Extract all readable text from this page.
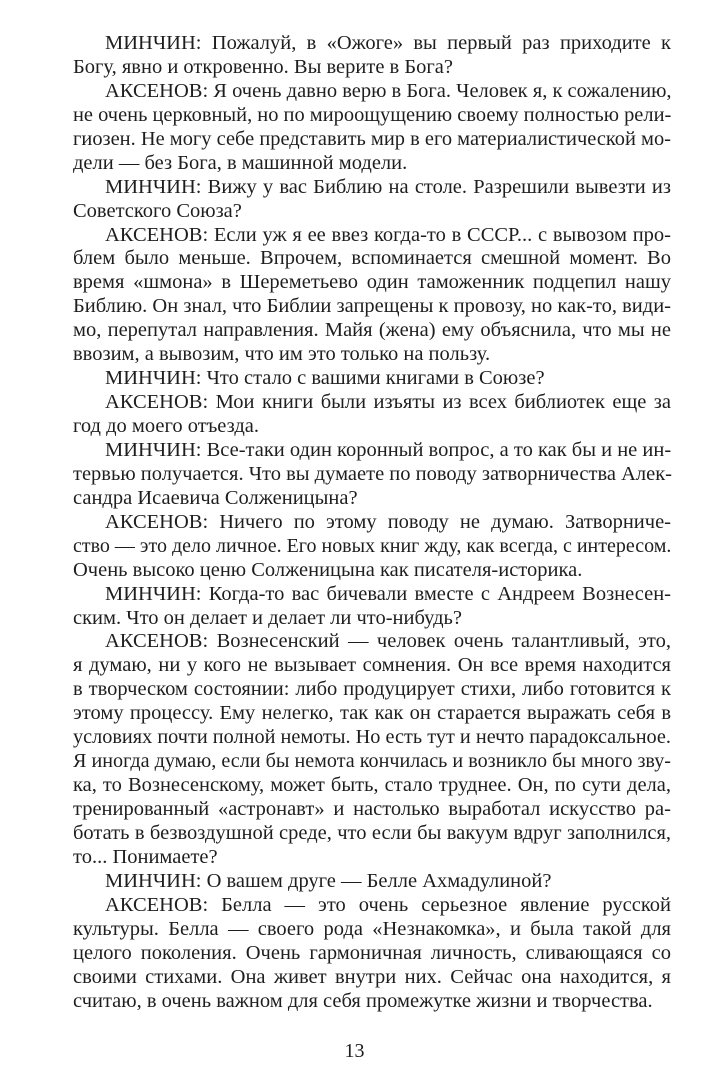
МИНЧИН: Пожалуй, в «Ожоге» вы первый раз приходите к
Богу, явно и откровенно. Вы верите в Бога?
АКСЕНОВ: Я очень давно верю в Бога. Человек я, к сожалению,
не очень церковный, но по мироощущению своему полностью рели-
гиозен. Не могу себе представить мир в его материалистической мо-
дели — без Бога, в машинной модели.
МИНЧИН: Вижу у вас Библию на столе. Разрешили вывезти из
Советского Союза?
АКСЕНОВ: Если уж я ее ввез когда-то в СССР... с вывозом про-
блем было меньше. Впрочем, вспоминается смешной момент. Во
время «шмона» в Шереметьево один таможенник подцепил нашу
Библию. Он знал, что Библии запрещены к провозу, но как-то, види-
мо, перепутал направления. Майя (жена) ему объяснила, что мы не
ввозим, а вывозим, что им это только на пользу.
МИНЧИН: Что стало с вашими книгами в Союзе?
АКСЕНОВ: Мои книги были изъяты из всех библиотек еще за
год до моего отъезда.
МИНЧИН: Все-таки один коронный вопрос, а то как бы и не ин-
тервью получается. Что вы думаете по поводу затворничества Алек-
сандра Исаевича Солженицына?
АКСЕНОВ: Ничего по этому поводу не думаю. Затворниче-
ство — это дело личное. Его новых книг жду, как всегда, с интересом.
Очень высоко ценю Солженицына как писателя-историка.
МИНЧИН: Когда-то вас бичевали вместе с Андреем Вознесен-
ским. Что он делает и делает ли что-нибудь?
АКСЕНОВ: Вознесенский — человек очень талантливый, это,
я думаю, ни у кого не вызывает сомнения. Он все время находится
в творческом состоянии: либо продуцирует стихи, либо готовится к
этому процессу. Ему нелегко, так как он старается выражать себя в
условиях почти полной немоты. Но есть тут и нечто парадоксальное.
Я иногда думаю, если бы немота кончилась и возникло бы много зву-
ка, то Вознесенскому, может быть, стало труднее. Он, по сути дела,
тренированный «астронавт» и настолько выработал искусство ра-
ботать в безвоздушной среде, что если бы вакуум вдруг заполнился,
то... Понимаете?
МИНЧИН: О вашем друге — Белле Ахмадулиной?
АКСЕНОВ: Белла — это очень серьезное явление русской
культуры. Белла — своего рода «Незнакомка», и была такой для
целого поколения. Очень гармоничная личность, сливающаяся со
своими стихами. Она живет внутри них. Сейчас она находится, я
считаю, в очень важном для себя промежутке жизни и творчества.
13
